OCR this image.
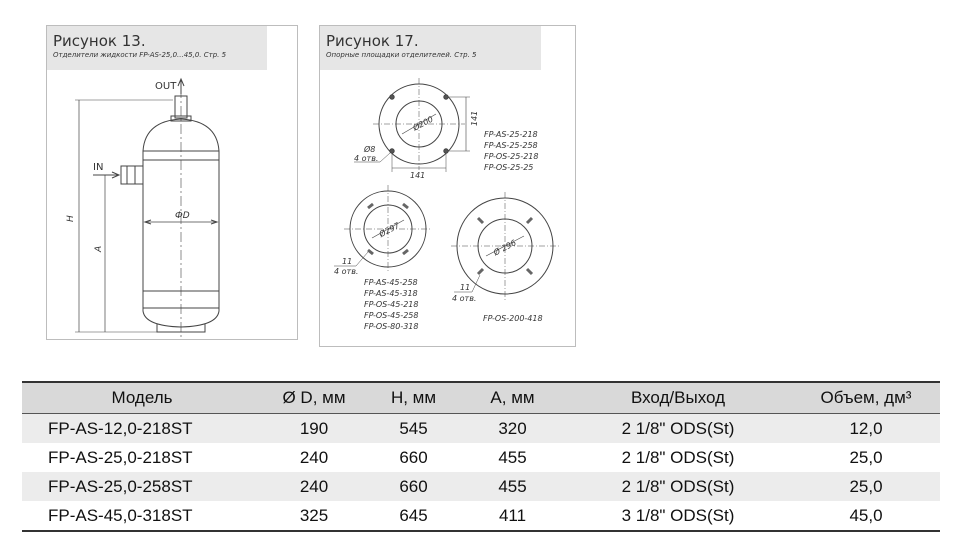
Рисунок 13.
Отделители жидкости FP-AS-25,0...45,0. Стр. 5
OUT
IN
ФD
H
A
Рисунок 17.
Опорные площадки отделителей. Стр. 5
Ø200
Ø8
4 отв.
141
141
FP-AS-25-218
FP-AS-25-258
FP-OS-25-218
FP-OS-25-25
Ø297
11
4 отв.
FP-AS-45-258
FP-AS-45-318
FP-OS-45-218
FP-OS-45-258
FP-OS-80-318
Ø 296
11
4 отв.
FP-OS-200-418
Модель	Ø D, мм	H, мм	A, мм	Вход/Выход	Объем, дм³
FP-AS-12,0-218ST	190	545	320	2 1/8" ODS(St)	12,0
FP-AS-25,0-218ST	240	660	455	2 1/8" ODS(St)	25,0
FP-AS-25,0-258ST	240	660	455	2 1/8" ODS(St)	25,0
FP-AS-45,0-318ST	325	645	411	3 1/8" ODS(St)	45,0
